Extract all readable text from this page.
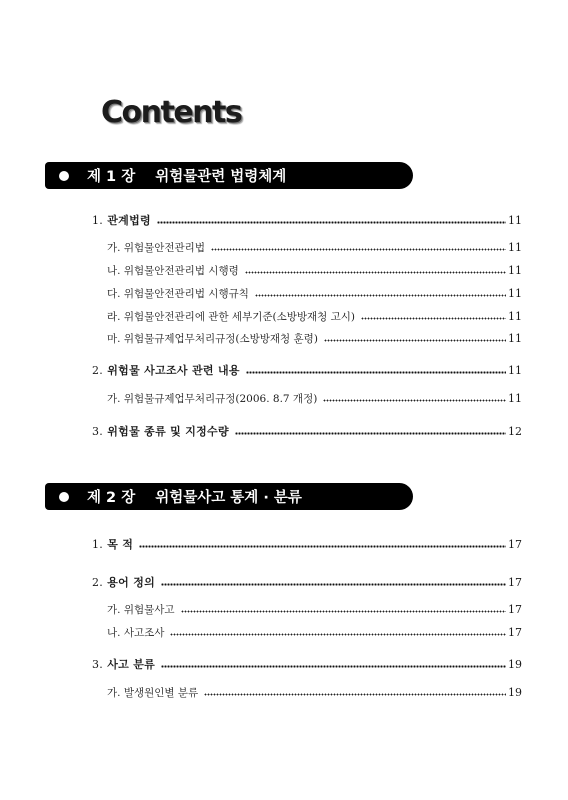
Contents
제 1 장 위험물관련 법령체계
1. 관계법령	11
가. 위험물안전관리법	11
나. 위험물안전관리법 시행령	11
다. 위험물안전관리법 시행규칙	11
라. 위험물안전관리에 관한 세부기준(소방방재청 고시)	11
마. 위험물규제업무처리규정(소방방재청 훈령)	11
2. 위험물 사고조사 관련 내용	11
가. 위험물규제업무처리규정(2006. 8.7 개정)	11
3. 위험물 종류 및 지정수량	12
제 2 장 위험물사고 통계 · 분류
1. 목 적	17
2. 용어 정의	17
가. 위험물사고	17
나. 사고조사	17
3. 사고 분류	19
가. 발생원인별 분류	19
